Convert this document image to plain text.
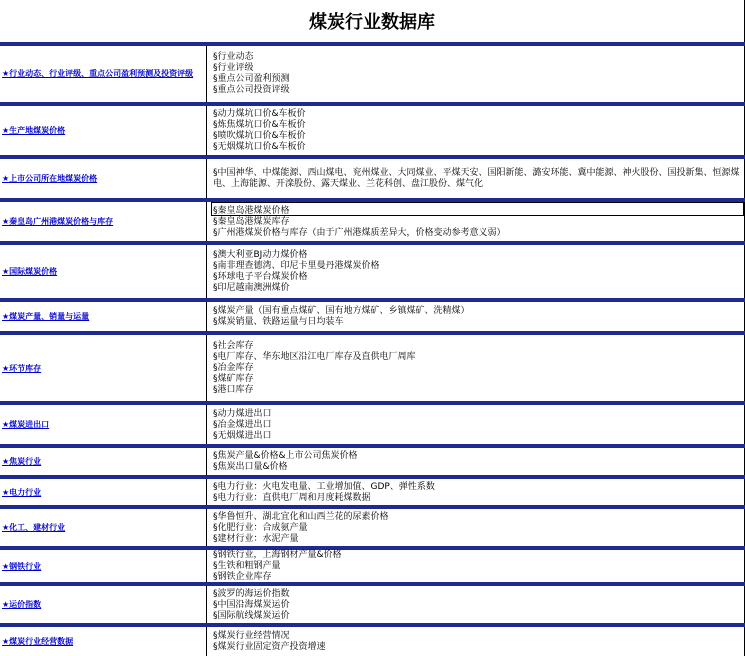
煤炭行业数据库
★行业动态、行业评级、重点公司盈利预测及投资评级
§行业动态
§行业评级
§重点公司盈利预测
§重点公司投资评级
★生产地煤炭价格
§动力煤坑口价&车板价
§炼焦煤坑口价&车板价
§喷吹煤坑口价&车板价
§无烟煤坑口价&车板价
★上市公司所在地煤炭价格
§中国神华、中煤能源、西山煤电、兖州煤业、大同煤业、平煤天安、国阳新能、潞安环能、冀中能源、神火股份、国投新集、恒源煤电、上海能源、开滦股份、露天煤业、兰花科创、盘江股份、煤气化
★秦皇岛广州港煤炭价格与库存
§秦皇岛港煤炭价格
§秦皇岛港煤炭库存
§广州港煤炭价格与库存（由于广州港煤质差异大，价格变动参考意义弱）
★国际煤炭价格
§澳大利亚BJ动力煤价格
§南非理查德湾、印尼卡里曼丹港煤炭价格
§环球电子平台煤炭价格
§印尼越南澳洲煤价
★煤炭产量、销量与运量
§煤炭产量（国有重点煤矿、国有地方煤矿、乡镇煤矿、洗精煤）
§煤炭销量、铁路运量与日均装车
★环节库存
§社会库存
§电厂库存、华东地区沿江电厂库存及直供电厂周库
§冶金库存
§煤矿库存
§港口库存
★煤炭进出口
§动力煤进出口
§冶金煤进出口
§无烟煤进出口
★焦炭行业
§焦炭产量&价格&上市公司焦炭价格
§焦炭出口量&价格
★电力行业
§电力行业：火电发电量、工业增加值、GDP、弹性系数
§电力行业：直供电厂周和月度耗煤数据
★化工、建材行业
§华鲁恒升、湖北宜化和山西兰花的尿素价格
§化肥行业：合成氨产量
§建材行业：水泥产量
★钢铁行业
§钢铁行业，上海钢材产量&价格
§生铁和粗钢产量
§钢铁企业库存
★运价指数
§波罗的海运价指数
§中国沿海煤炭运价
§国际航线煤炭运价
★煤炭行业经营数据
§煤炭行业经营情况
§煤炭行业固定资产投资增速
